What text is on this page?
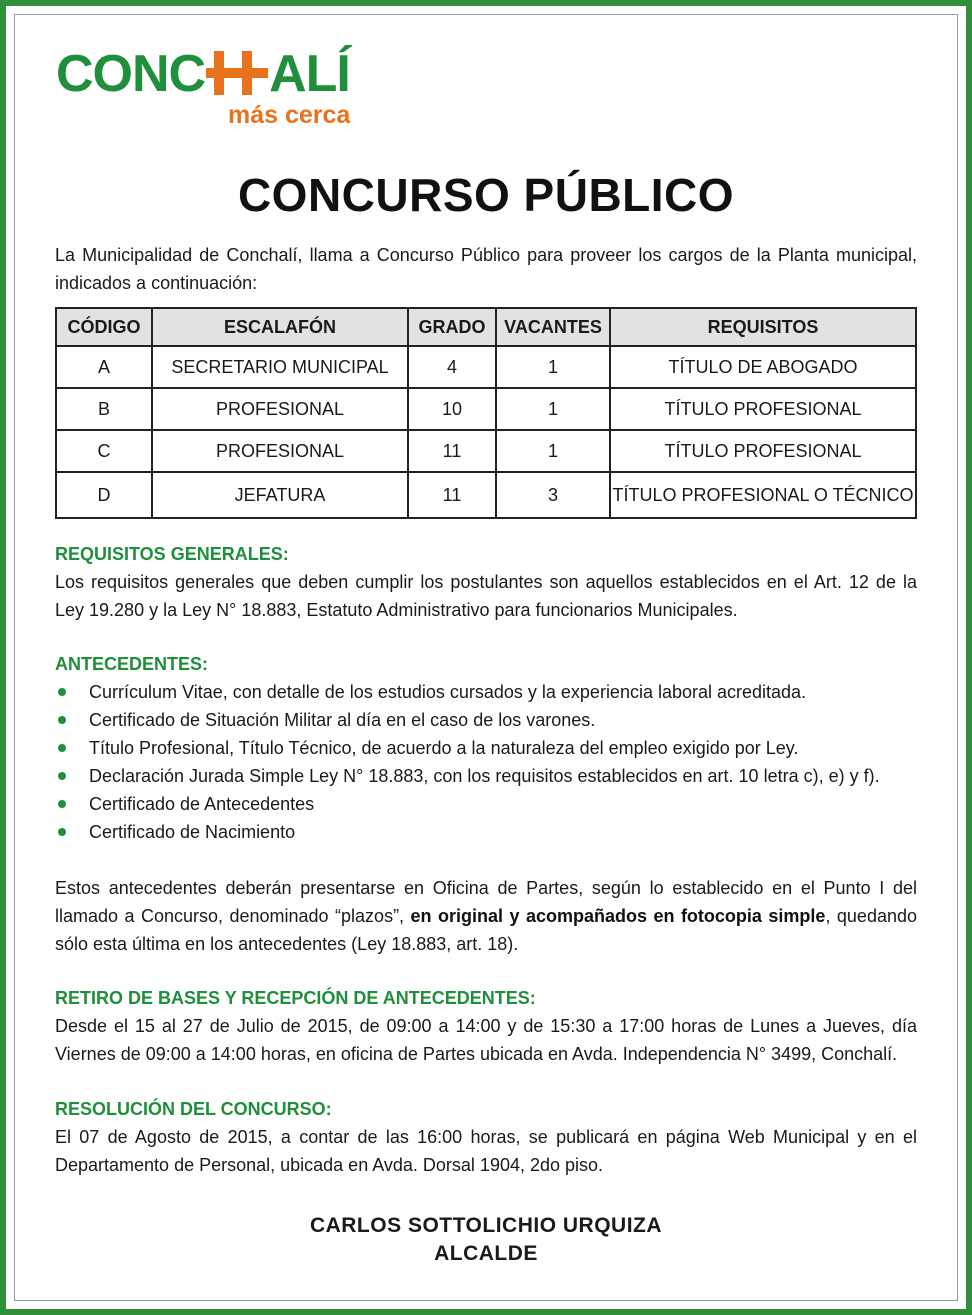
CONC ALÍ
más cerca
CONCURSO PÚBLICO
La Municipalidad de Conchalí, llama a Concurso Público para proveer los cargos de la Planta municipal, indicados a continuación:
CÓDIGO	ESCALAFÓN	GRADO	VACANTES	REQUISITOS
A	SECRETARIO MUNICIPAL	4	1	TÍTULO DE ABOGADO
B	PROFESIONAL	10	1	TÍTULO PROFESIONAL
C	PROFESIONAL	11	1	TÍTULO PROFESIONAL
D	JEFATURA	11	3	TÍTULO PROFESIONAL O TÉCNICO
REQUISITOS GENERALES:
Los requisitos generales que deben cumplir los postulantes son aquellos establecidos en el Art. 12 de la Ley 19.280 y la Ley N° 18.883, Estatuto Administrativo para funcionarios Municipales.
ANTECEDENTES:
Currículum Vitae, con detalle de los estudios cursados y la experiencia laboral acreditada.
Certificado de Situación Militar al día en el caso de los varones.
Título Profesional, Título Técnico, de acuerdo a la naturaleza del empleo exigido por Ley.
Declaración Jurada Simple Ley N° 18.883, con los requisitos establecidos en art. 10 letra c), e) y f).
Certificado de Antecedentes
Certificado de Nacimiento
Estos antecedentes deberán presentarse en Oficina de Partes, según lo establecido en el Punto I del llamado a Concurso, denominado “plazos”, en original y acompañados en fotocopia simple, quedando sólo esta última en los antecedentes (Ley 18.883, art. 18).
RETIRO DE BASES Y RECEPCIÓN DE ANTECEDENTES:
Desde el 15 al 27 de Julio de 2015, de 09:00 a 14:00 y de 15:30 a 17:00 horas de Lunes a Jueves, día Viernes de 09:00 a 14:00 horas, en oficina de Partes ubicada en Avda. Independencia N° 3499, Conchalí.
RESOLUCIÓN DEL CONCURSO:
El 07 de Agosto de 2015, a contar de las 16:00 horas, se publicará en página Web Municipal y en el Departamento de Personal, ubicada en Avda. Dorsal 1904, 2do piso.
CARLOS SOTTOLICHIO URQUIZA
ALCALDE
